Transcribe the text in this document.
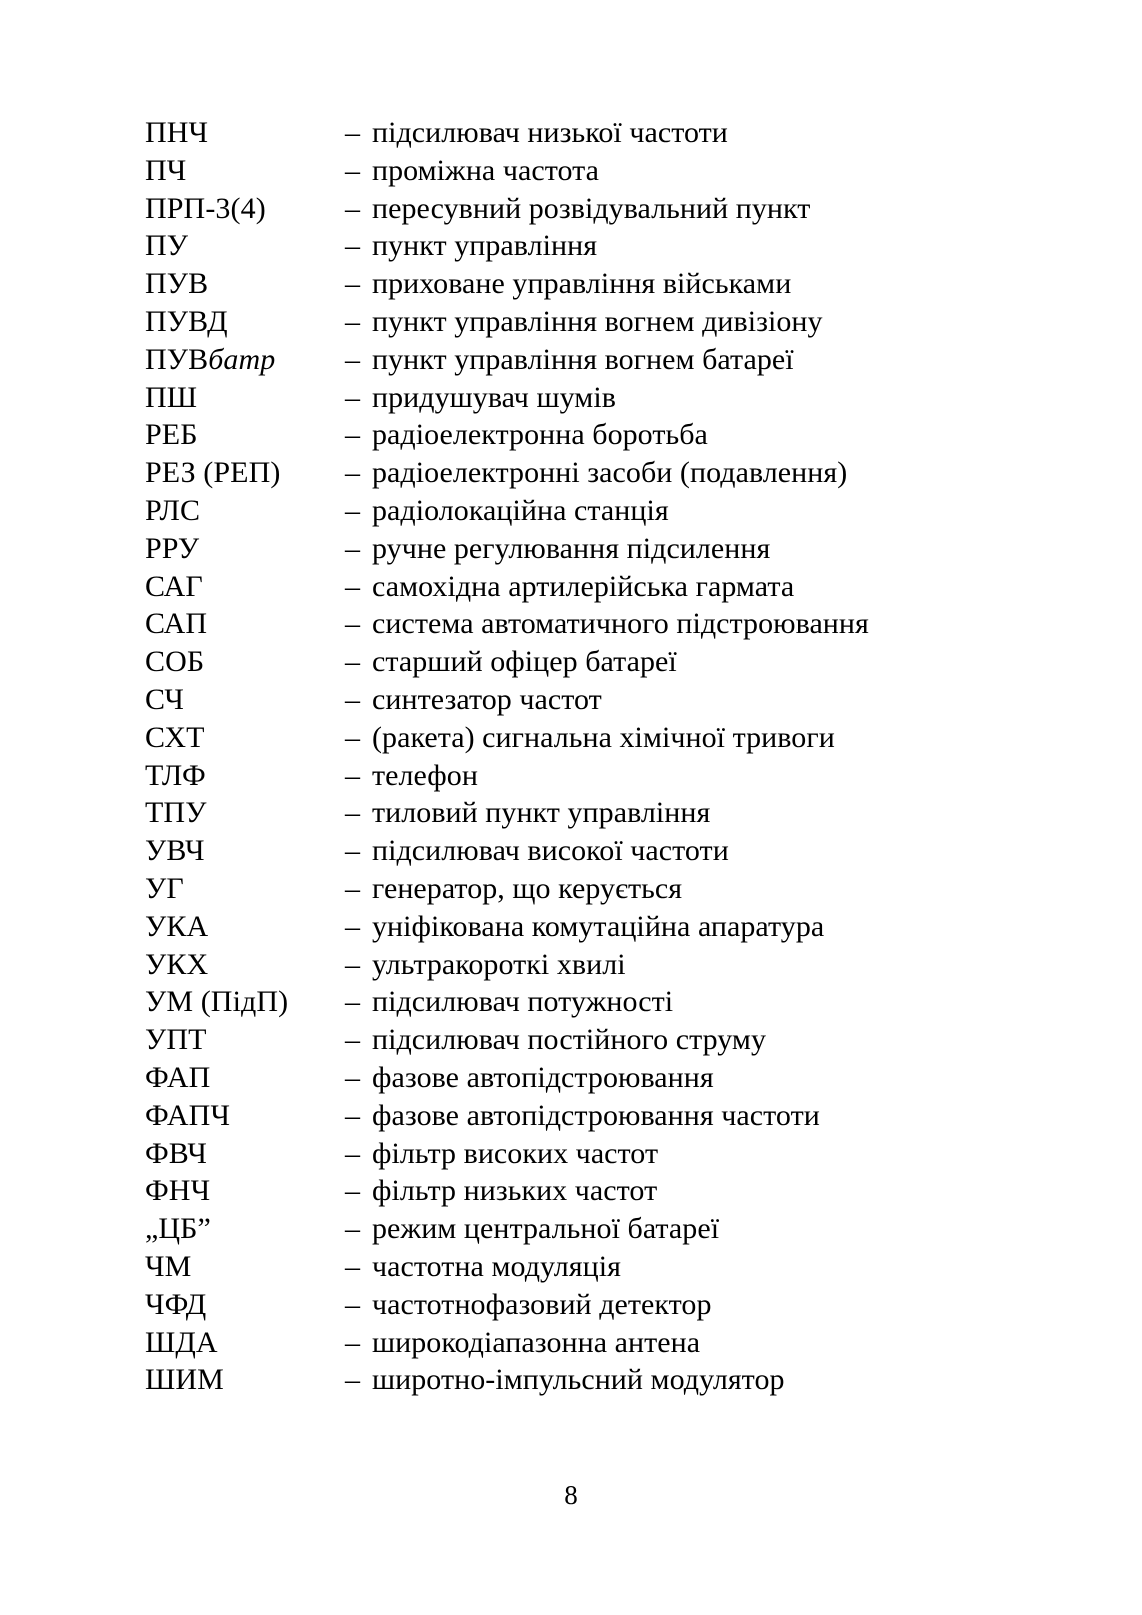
ПНЧ	– підсилювач низької частоти
ПЧ	– проміжна частота
ПРП-3(4)	– пересувний розвідувальний пункт
ПУ	– пункт управління
ПУВ	– приховане управління військами
ПУВД	– пункт управління вогнем дивізіону
ПУВбатр	– пункт управління вогнем батареї
ПШ	– придушувач шумів
РЕБ	– радіоелектронна боротьба
РЕЗ (РЕП)	– радіоелектронні засоби (подавлення)
РЛС	– радіолокаційна станція
РРУ	– ручне регулювання підсилення
САГ	– самохідна артилерійська гармата
САП	– система автоматичного підстроювання
СОБ	– старший офіцер батареї
СЧ	– синтезатор частот
СХТ	– (ракета) сигнальна хімічної тривоги
ТЛФ	– телефон
ТПУ	– тиловий пункт управління
УВЧ	– підсилювач високої частоти
УГ	– генератор, що керується
УКА	– уніфікована комутаційна апаратура
УКХ	– ультракороткі хвилі
УМ (ПідП)	– підсилювач потужності
УПТ	– підсилювач постійного струму
ФАП	– фазове автопідстроювання
ФАПЧ	– фазове автопідстроювання частоти
ФВЧ	– фільтр високих частот
ФНЧ	– фільтр низьких частот
„ЦБ”	– режим центральної батареї
ЧМ	– частотна модуляція
ЧФД	– частотнофазовий детектор
ШДА	– широкодіапазонна антена
ШИМ	– широтно-імпульсний модулятор
8
